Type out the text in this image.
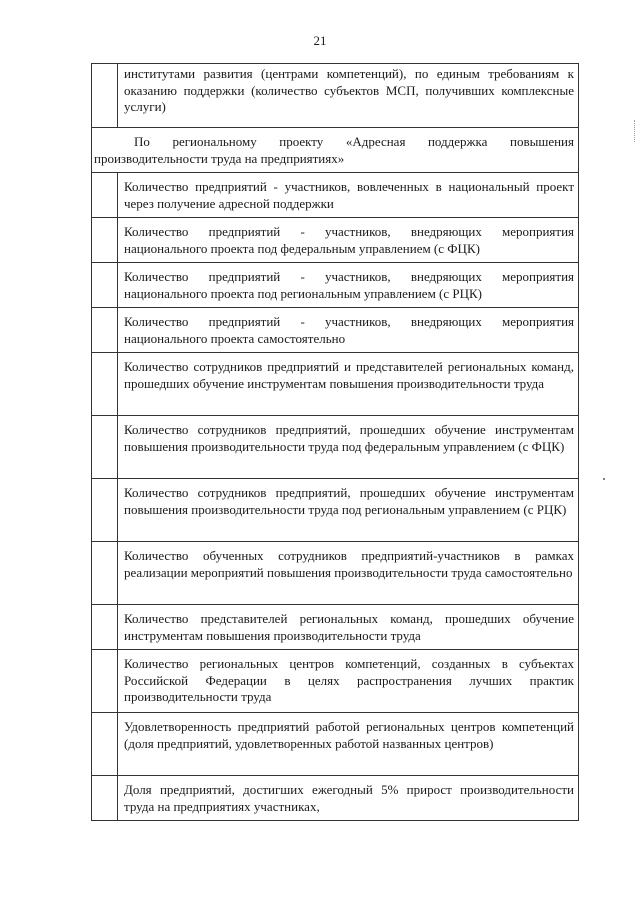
21
	институтами развития (центрами компетенций), по единым требованиям к оказанию поддержки (количество субъектов МСП, получивших комплексные услуги)
По региональному проекту «Адресная поддержка повышения производительности труда на предприятиях»	
	Количество предприятий - участников, вовлеченных в национальный проект через получение адресной поддержки
	Количество предприятий - участников, внедряющих мероприятия национального проекта под федеральным управлением (с ФЦК)
	Количество предприятий - участников, внедряющих мероприятия национального проекта под региональным управлением (с РЦК)
	Количество предприятий - участников, внедряющих мероприятия национального проекта самостоятельно
	Количество сотрудников предприятий и представителей региональных команд, прошедших обучение инструментам повышения производительности труда
	Количество сотрудников предприятий, прошедших обучение инструментам повышения производительности труда под федеральным управлением (с ФЦК)
	Количество сотрудников предприятий, прошедших обучение инструментам повышения производительности труда под региональным управлением (с РЦК)
	Количество обученных сотрудников предприятий-участников в рамках реализации мероприятий повышения производительности труда самостоятельно
	Количество представителей региональных команд, прошедших обучение инструментам повышения производительности труда
	Количество региональных центров компетенций, созданных в субъектах Российской Федерации в целях распространения лучших практик производительности труда
	Удовлетворенность предприятий работой региональных центров компетенций (доля предприятий, удовлетворенных работой названных центров)
	Доля предприятий, достигших ежегодный 5% прирост производительности труда на предприятиях участниках,
